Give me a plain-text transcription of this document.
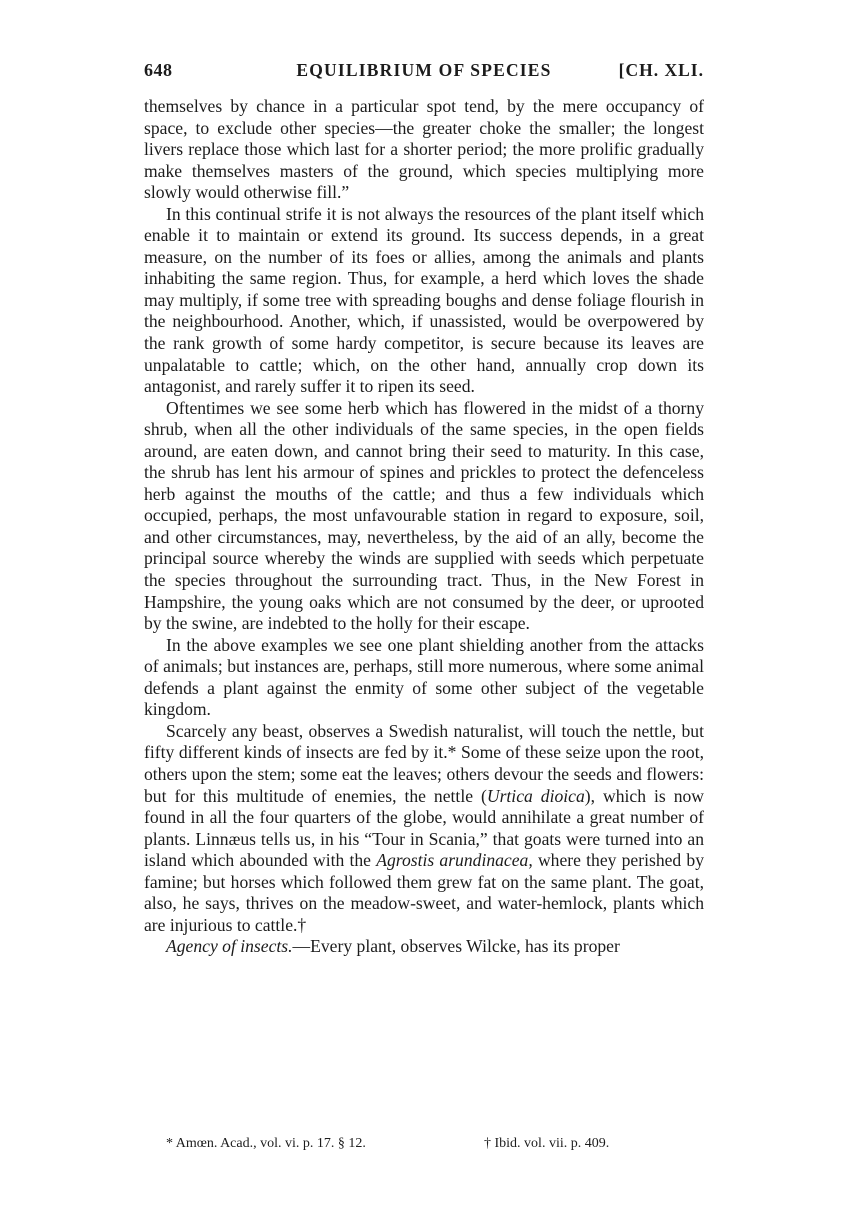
648	EQUILIBRIUM OF SPECIES	[CH. XLI.

themselves by chance in a particular spot tend, by the mere occupancy of space, to exclude other species—the greater choke the smaller; the longest livers replace those which last for a shorter period; the more prolific gradually make themselves masters of the ground, which species multiplying more slowly would otherwise fill.”

In this continual strife it is not always the resources of the plant itself which enable it to maintain or extend its ground. Its success depends, in a great measure, on the number of its foes or allies, among the animals and plants inhabiting the same region. Thus, for example, a herd which loves the shade may multiply, if some tree with spreading boughs and dense foliage flourish in the neighbourhood. Another, which, if unassisted, would be overpowered by the rank growth of some hardy competitor, is secure because its leaves are unpalatable to cattle; which, on the other hand, annually crop down its antagonist, and rarely suffer it to ripen its seed.

Oftentimes we see some herb which has flowered in the midst of a thorny shrub, when all the other individuals of the same species, in the open fields around, are eaten down, and cannot bring their seed to maturity. In this case, the shrub has lent his armour of spines and prickles to protect the defenceless herb against the mouths of the cattle; and thus a few individuals which occupied, perhaps, the most unfavourable station in regard to exposure, soil, and other circumstances, may, nevertheless, by the aid of an ally, become the principal source whereby the winds are supplied with seeds which perpetuate the species throughout the surrounding tract. Thus, in the New Forest in Hampshire, the young oaks which are not consumed by the deer, or uprooted by the swine, are indebted to the holly for their escape.

In the above examples we see one plant shielding another from the attacks of animals; but instances are, perhaps, still more numerous, where some animal defends a plant against the enmity of some other subject of the vegetable kingdom.

Scarcely any beast, observes a Swedish naturalist, will touch the nettle, but fifty different kinds of insects are fed by it.* Some of these seize upon the root, others upon the stem; some eat the leaves; others devour the seeds and flowers: but for this multitude of enemies, the nettle (Urtica dioica), which is now found in all the four quarters of the globe, would annihilate a great number of plants. Linnæus tells us, in his “Tour in Scania,” that goats were turned into an island which abounded with the Agrostis arundinacea, where they perished by famine; but horses which followed them grew fat on the same plant. The goat, also, he says, thrives on the meadow-sweet, and water-hemlock, plants which are injurious to cattle.†

Agency of insects.—Every plant, observes Wilcke, has its proper

* Amœn. Acad., vol. vi. p. 17. § 12.	† Ibid. vol. vii. p. 409.
